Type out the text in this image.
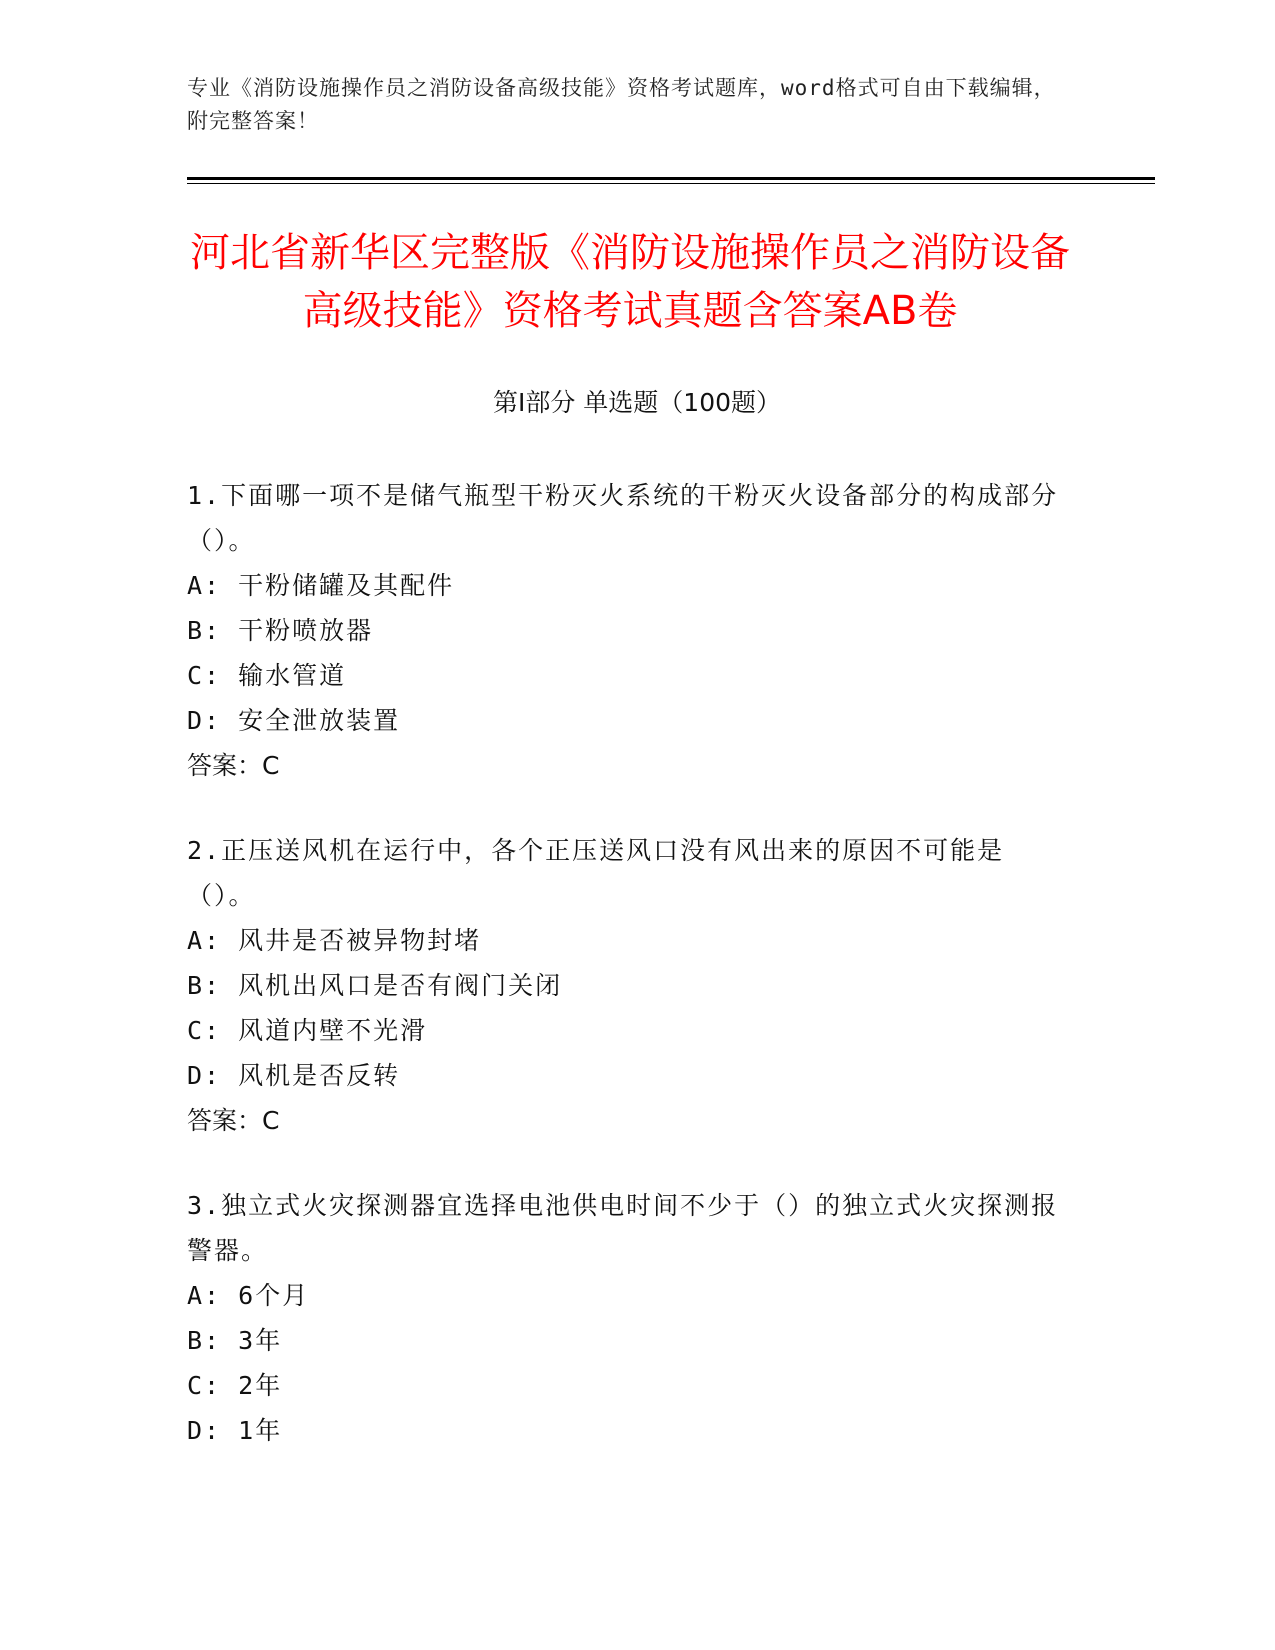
专业《消防设施操作员之消防设备高级技能》资格考试题库，word格式可自由下载编辑，附完整答案！
河北省新华区完整版《消防设施操作员之消防设备高级技能》资格考试真题含答案AB卷
第Ⅰ部分 单选题（100题）

1.下面哪一项不是储气瓶型干粉灭火系统的干粉灭火设备部分的构成部分（）。

A: 干粉储罐及其配件

B: 干粉喷放器

C: 输水管道

D: 安全泄放装置

答案：C

2.正压送风机在运行中，各个正压送风口没有风出来的原因不可能是（）。

A: 风井是否被异物封堵

B: 风机出风口是否有阀门关闭

C: 风道内壁不光滑

D: 风机是否反转

答案：C

3.独立式火灾探测器宜选择电池供电时间不少于（）的独立式火灾探测报警器。

A: 6个月

B: 3年

C: 2年

D: 1年
